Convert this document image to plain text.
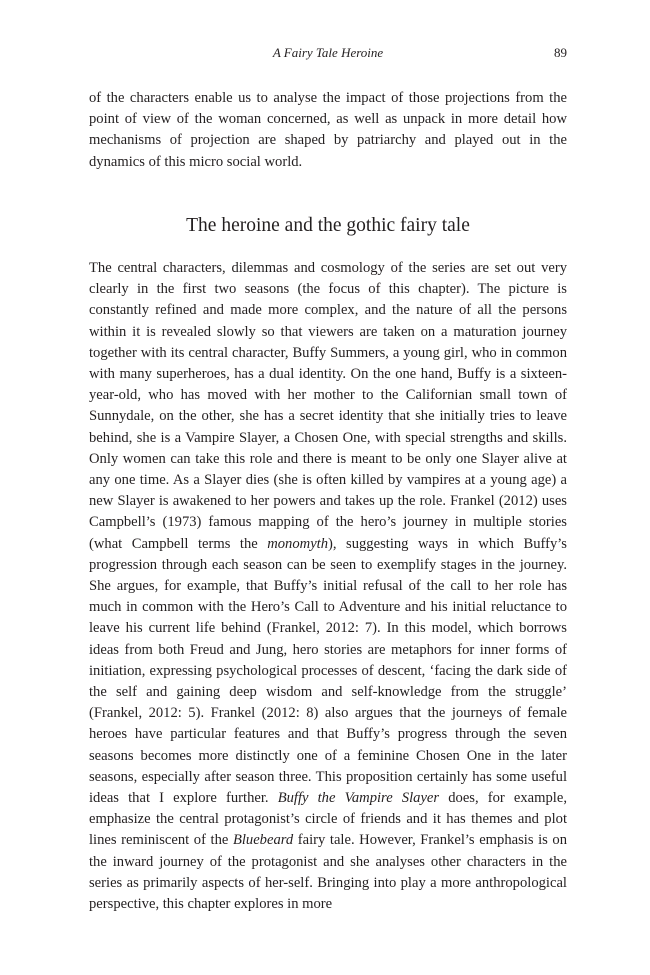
A Fairy Tale Heroine	89

of the characters enable us to analyse the impact of those projections from the point of view of the woman concerned, as well as unpack in more detail how mechanisms of projection are shaped by patriarchy and played out in the dynamics of this micro social world.

The heroine and the gothic fairy tale

The central characters, dilemmas and cosmology of the series are set out very clearly in the first two seasons (the focus of this chapter). The picture is constantly refined and made more complex, and the nature of all the persons within it is revealed slowly so that viewers are taken on a maturation journey together with its central character, Buffy Summers, a young girl, who in common with many superheroes, has a dual identity. On the one hand, Buffy is a sixteen-year-old, who has moved with her mother to the Californian small town of Sunnydale, on the other, she has a secret identity that she initially tries to leave behind, she is a Vampire Slayer, a Chosen One, with special strengths and skills. Only women can take this role and there is meant to be only one Slayer alive at any one time. As a Slayer dies (she is often killed by vampires at a young age) a new Slayer is awakened to her powers and takes up the role. Frankel (2012) uses Campbell’s (1973) famous mapping of the hero’s journey in multiple stories (what Campbell terms the monomyth), suggesting ways in which Buffy’s progression through each season can be seen to exemplify stages in the journey. She argues, for example, that Buffy’s initial refusal of the call to her role has much in common with the Hero’s Call to Adventure and his initial reluctance to leave his current life behind (Frankel, 2012: 7). In this model, which borrows ideas from both Freud and Jung, hero stories are metaphors for inner forms of initiation, expressing psychological processes of descent, ‘facing the dark side of the self and gaining deep wisdom and self-knowledge from the struggle’ (Frankel, 2012: 5). Frankel (2012: 8) also argues that the journeys of female heroes have particular features and that Buffy’s progress through the seven seasons becomes more distinctly one of a feminine Chosen One in the later seasons, especially after season three. This proposition certainly has some useful ideas that I explore further. Buffy the Vampire Slayer does, for example, emphasize the central protagonist’s circle of friends and it has themes and plot lines reminiscent of the Bluebeard fairy tale. However, Frankel’s emphasis is on the inward journey of the protagonist and she analyses other characters in the series as primarily aspects of her-self. Bringing into play a more anthropological perspective, this chapter explores in more
